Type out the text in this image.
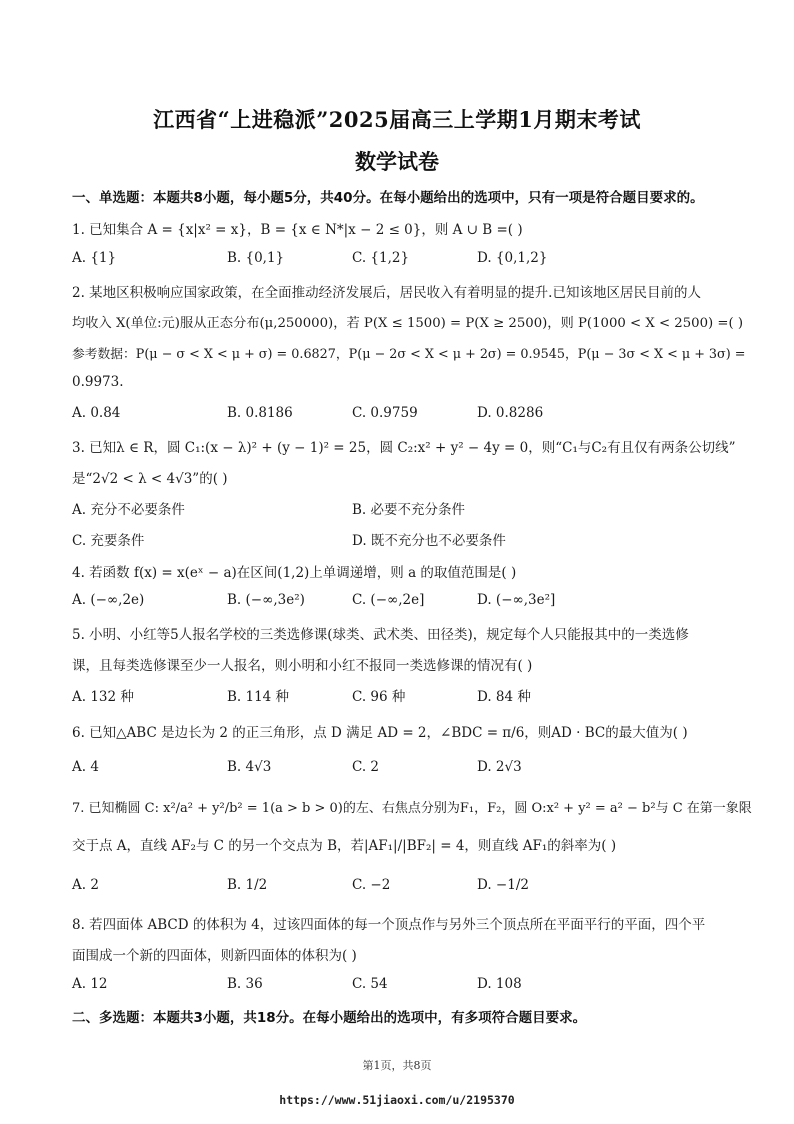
江西省“上进稳派”2025届高三上学期1月期末考试
数学试卷
一、单选题：本题共8小题，每小题5分，共40分。在每小题给出的选项中，只有一项是符合题目要求的。
1. 已知集合 A = {x|x² = x}，B = {x ∈ N*|x − 2 ≤ 0}，则 A ∪ B =( )
A. {1}	B. {0,1}	C. {1,2}	D. {0,1,2}
2. 某地区积极响应国家政策，在全面推动经济发展后，居民收入有着明显的提升.已知该地区居民目前的人
均收入 X(单位:元)服从正态分布(μ,250000)，若 P(X ≤ 1500) = P(X ≥ 2500)，则 P(1000 < X < 2500) =( )
参考数据：P(μ − σ < X < μ + σ) = 0.6827，P(μ − 2σ < X < μ + 2σ) = 0.9545，P(μ − 3σ < X < μ + 3σ) =
0.9973.
A. 0.84	B. 0.8186	C. 0.9759	D. 0.8286
3. 已知λ ∈ R，圆 C₁:(x − λ)² + (y − 1)² = 25，圆 C₂:x² + y² − 4y = 0，则“C₁与C₂有且仅有两条公切线”
是“2√2 < λ < 4√3”的( )
A. 充分不必要条件	B. 必要不充分条件
C. 充要条件	D. 既不充分也不必要条件
4. 若函数 f(x) = x(eˣ − a)在区间(1,2)上单调递增，则 a 的取值范围是( )
A. (−∞,2e)	B. (−∞,3e²)	C. (−∞,2e]	D. (−∞,3e²]
5. 小明、小红等5人报名学校的三类选修课(球类、武术类、田径类)，规定每个人只能报其中的一类选修
课，且每类选修课至少一人报名，则小明和小红不报同一类选修课的情况有( )
A. 132 种	B. 114 种	C. 96 种	D. 84 种
6. 已知△ABC 是边长为 2 的正三角形，点 D 满足 AD = 2，∠BDC = π/6，则AD · BC的最大值为( )
A. 4	B. 4√3	C. 2	D. 2√3
7. 已知椭圆 C: x²/a² + y²/b² = 1(a > b > 0)的左、右焦点分别为F₁，F₂，圆 O:x² + y² = a² − b²与 C 在第一象限
交于点 A，直线 AF₂与 C 的另一个交点为 B，若|AF₁|/|BF₂| = 4，则直线 AF₁的斜率为( )
A. 2	B. 1/2	C. −2	D. −1/2
8. 若四面体 ABCD 的体积为 4，过该四面体的每一个顶点作与另外三个顶点所在平面平行的平面，四个平
面围成一个新的四面体，则新四面体的体积为( )
A. 12	B. 36	C. 54	D. 108
二、多选题：本题共3小题，共18分。在每小题给出的选项中，有多项符合题目要求。
第1页，共8页
https://www.51jiaoxi.com/u/2195370
